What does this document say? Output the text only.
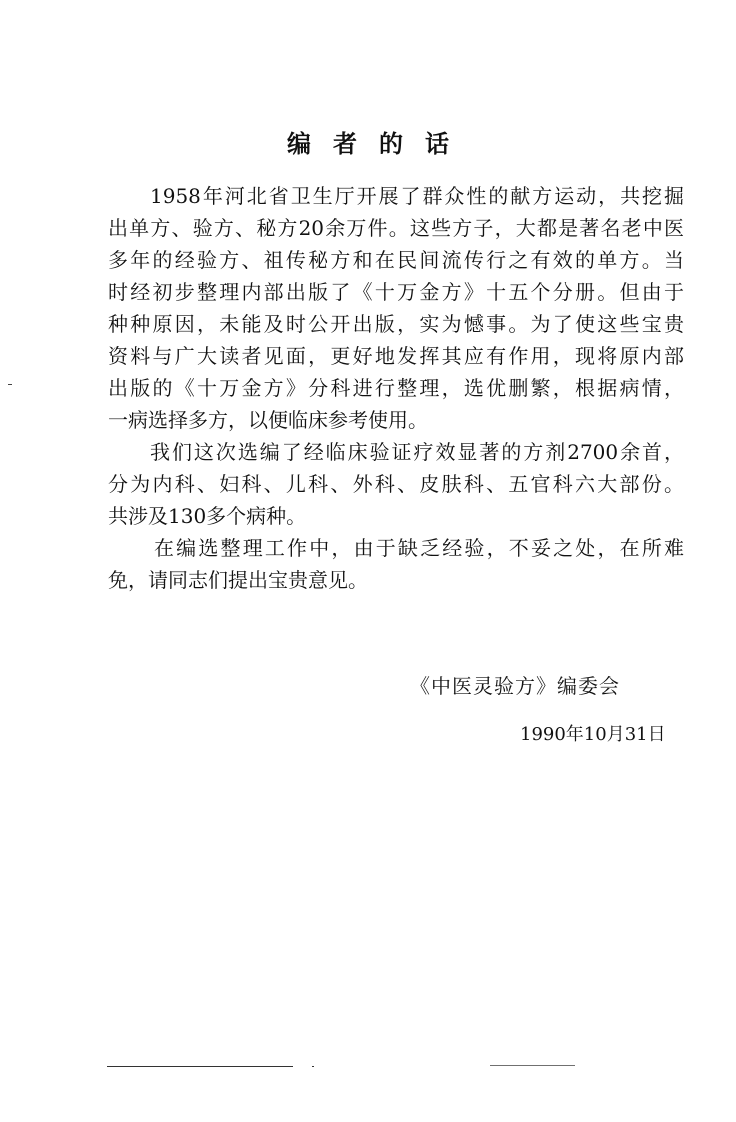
编者的话
1958年河北省卫生厅开展了群众性的献方运动，共挖掘
出单方、验方、秘方20余万件。这些方子，大都是著名老中医
多年的经验方、祖传秘方和在民间流传行之有效的单方。当
时经初步整理内部出版了《十万金方》十五个分册。但由于
种种原因，未能及时公开出版，实为憾事。为了使这些宝贵
资料与广大读者见面，更好地发挥其应有作用，现将原内部
出版的《十万金方》分科进行整理，选优删繁，根据病情，
一病选择多方，以便临床参考使用。
我们这次选编了经临床验证疗效显著的方剂2700余首，
分为内科、妇科、儿科、外科、皮肤科、五官科六大部份。
共涉及130多个病种。
在编选整理工作中，由于缺乏经验，不妥之处，在所难
免，请同志们提出宝贵意见。
《中医灵验方》编委会
1990年10月31日
